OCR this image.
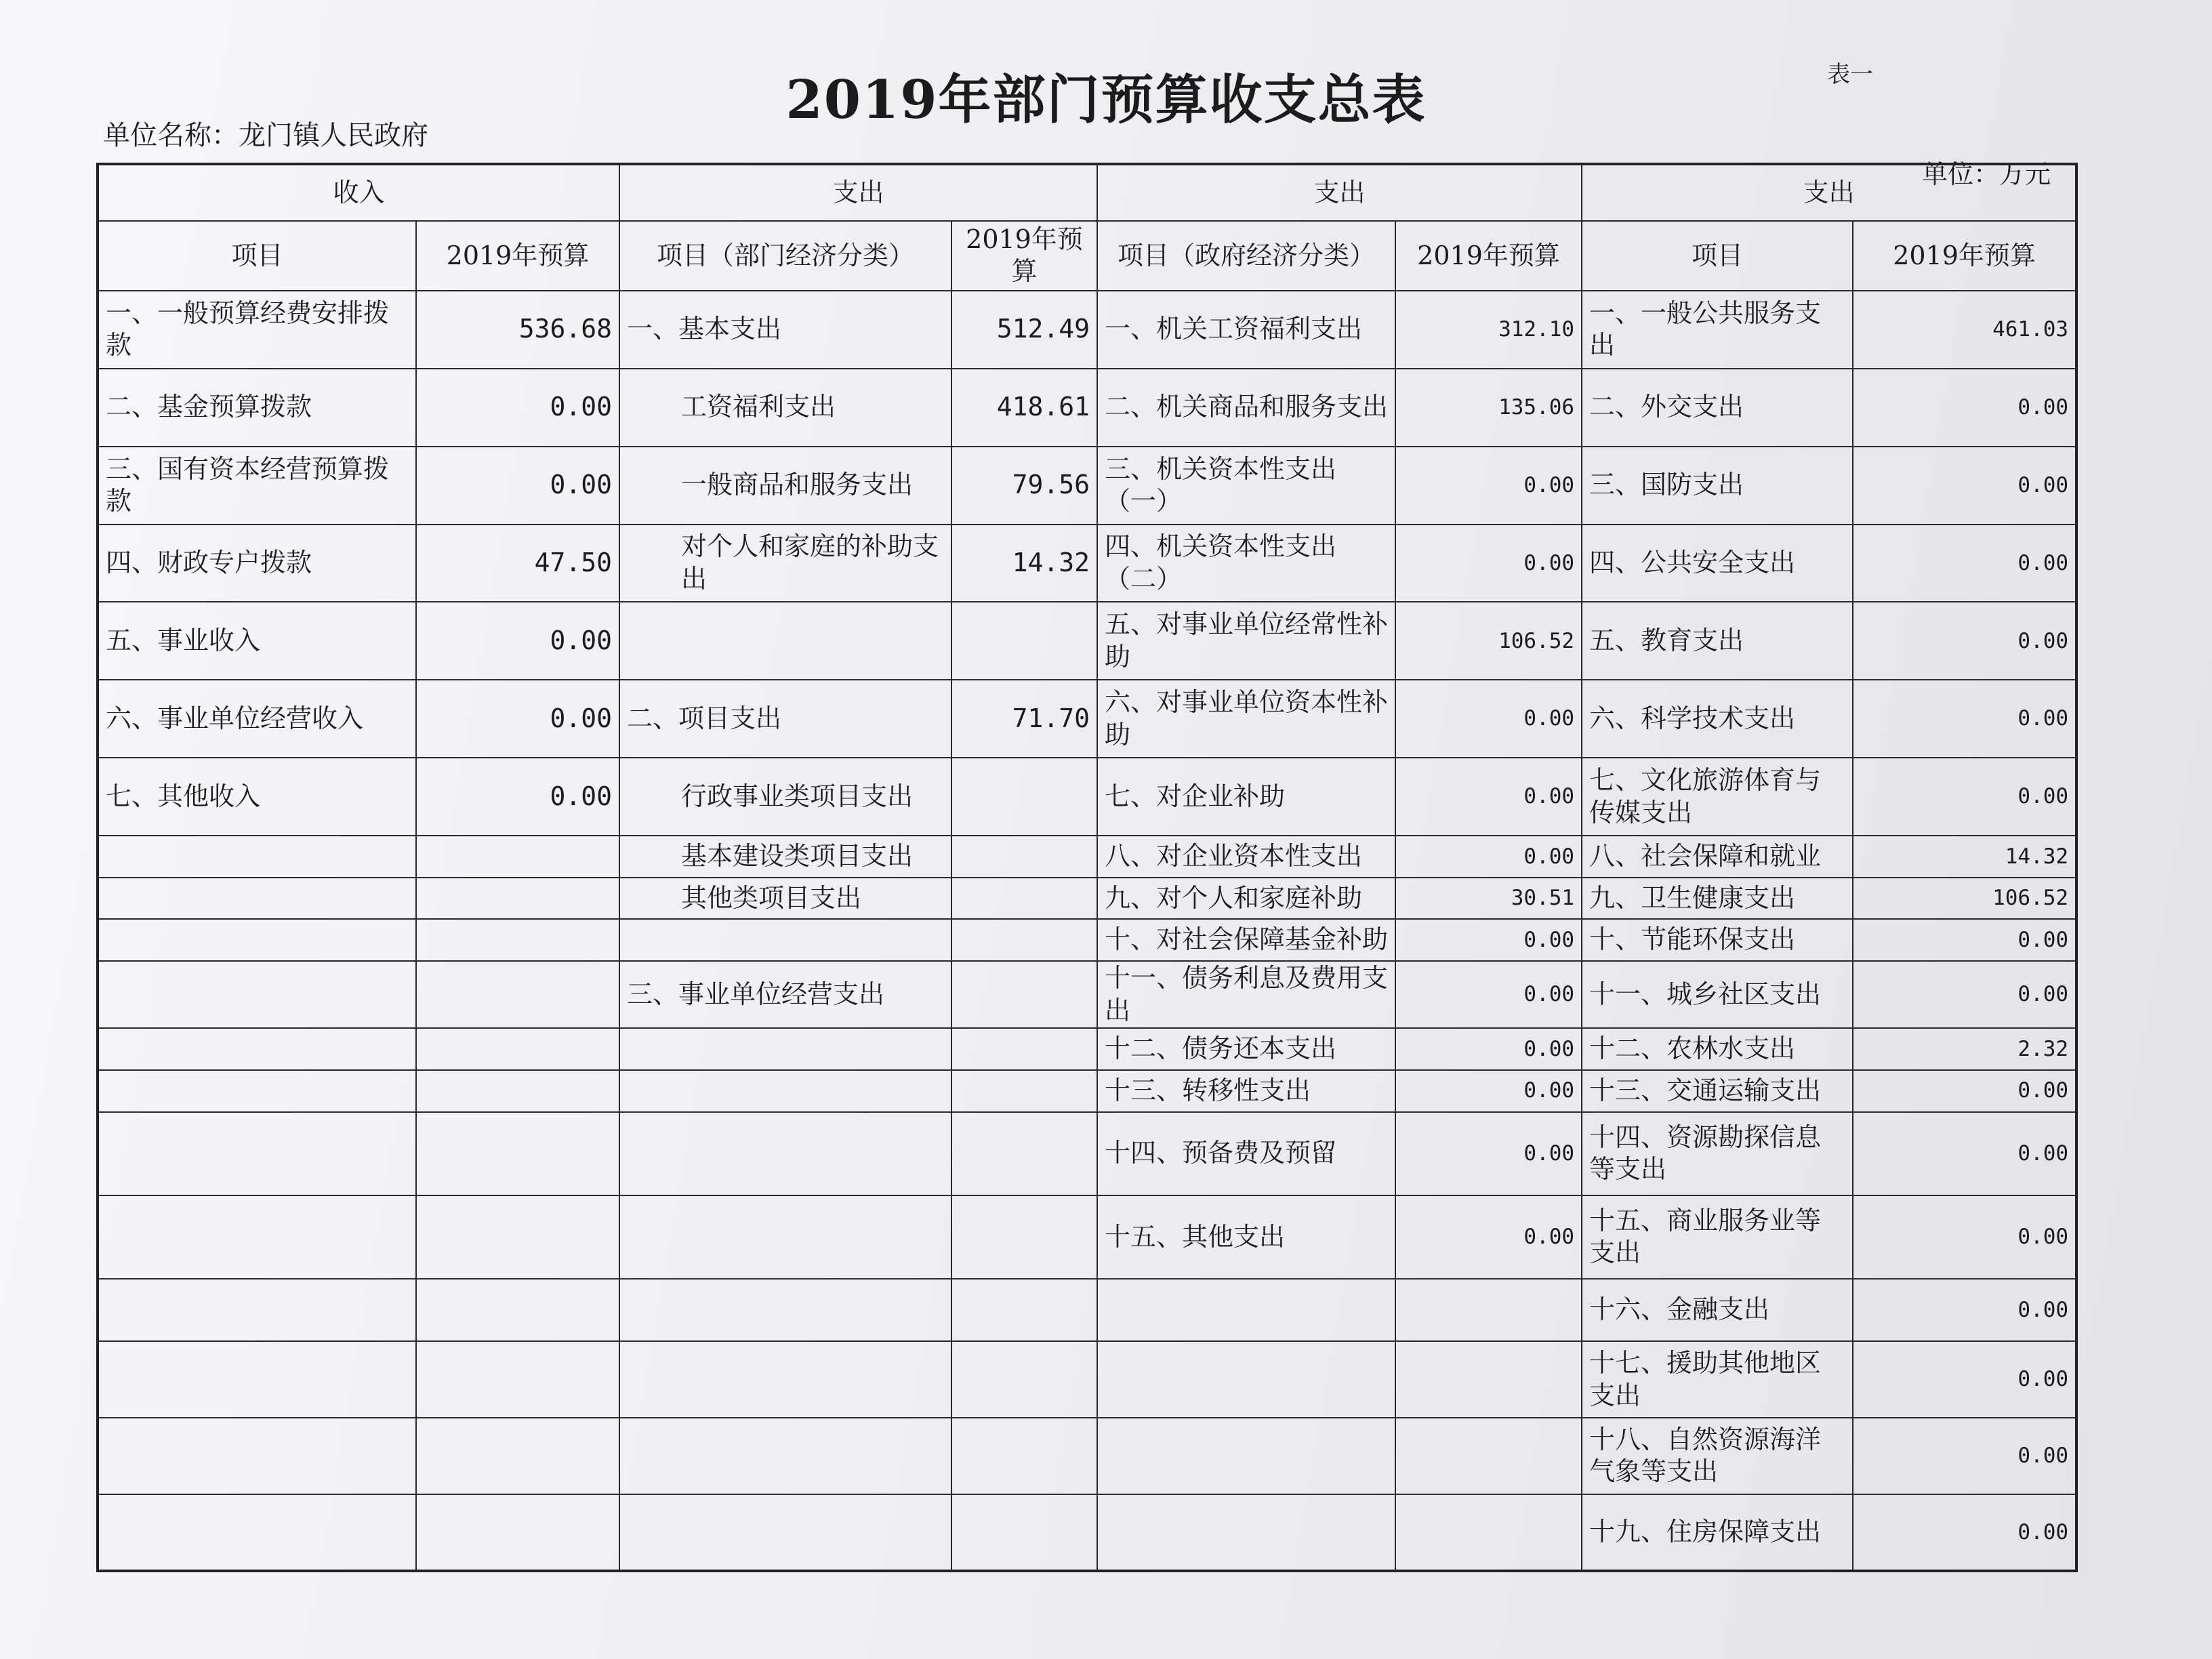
2019年部门预算收支总表	表一
单位名称：龙门镇人民政府
单位：万元
收入		支出		支出		支出	
项目	2019年预算	项目（部门经济分类）	2019年预算	项目（政府经济分类）	2019年预算	项目	2019年预算
一、一般预算经费安排拨款	536.68	一、基本支出	512.49	一、机关工资福利支出	312.10	一、一般公共服务支出	461.03
二、基金预算拨款	0.00	工资福利支出	418.61	二、机关商品和服务支出	135.06	二、外交支出	0.00
三、国有资本经营预算拨款	0.00	一般商品和服务支出	79.56	三、机关资本性支出（一）	0.00	三、国防支出	0.00
四、财政专户拨款	47.50	对个人和家庭的补助支出	14.32	四、机关资本性支出（二）	0.00	四、公共安全支出	0.00
五、事业收入	0.00			五、对事业单位经常性补助	106.52	五、教育支出	0.00
六、事业单位经营收入	0.00	二、项目支出	71.70	六、对事业单位资本性补助	0.00	六、科学技术支出	0.00
七、其他收入	0.00	行政事业类项目支出		七、对企业补助	0.00	七、文化旅游体育与传媒支出	0.00
		基本建设类项目支出		八、对企业资本性支出	0.00	八、社会保障和就业	14.32
		其他类项目支出		九、对个人和家庭补助	30.51	九、卫生健康支出	106.52
				十、对社会保障基金补助	0.00	十、节能环保支出	0.00
		三、事业单位经营支出		十一、债务利息及费用支出	0.00	十一、城乡社区支出	0.00
				十二、债务还本支出	0.00	十二、农林水支出	2.32
				十三、转移性支出	0.00	十三、交通运输支出	0.00
				十四、预备费及预留	0.00	十四、资源勘探信息等支出	0.00
				十五、其他支出	0.00	十五、商业服务业等支出	0.00
						十六、金融支出	0.00
						十七、援助其他地区支出	0.00
						十八、自然资源海洋气象等支出	0.00
						十九、住房保障支出	0.00
